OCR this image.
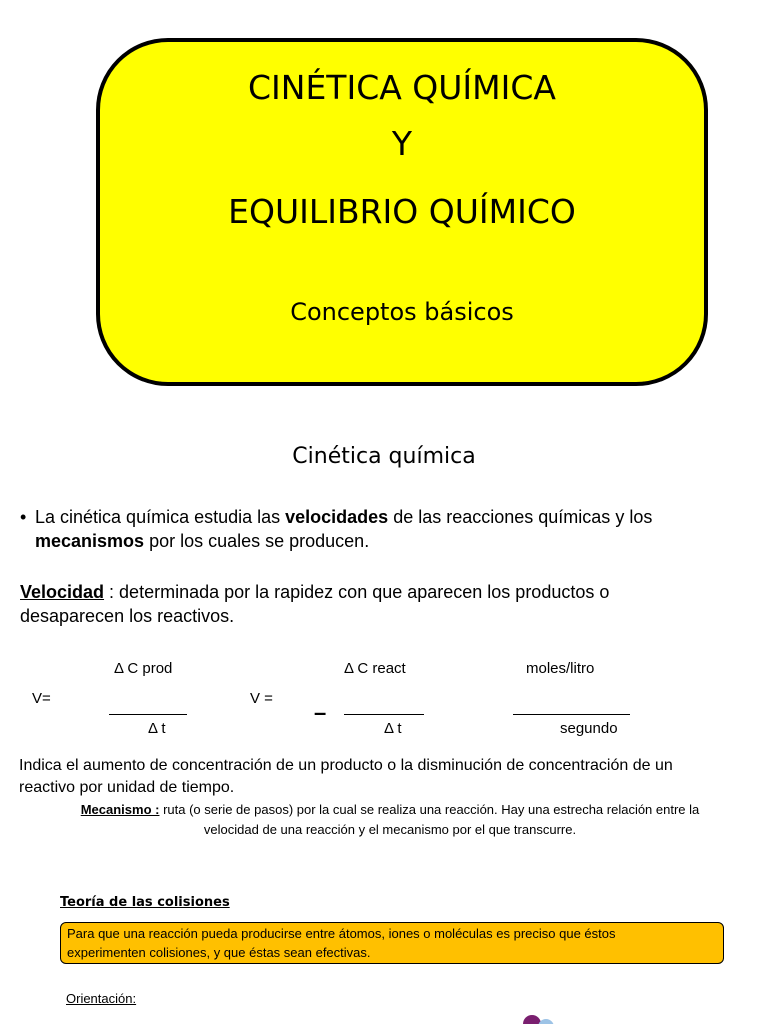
CINÉTICA QUÍMICA
Y
EQUILIBRIO QUÍMICO
Conceptos básicos
Cinética química
• La cinética química estudia las velocidades de las reacciones químicas y los
mecanismos por los cuales se producen.
Velocidad : determinada por la rapidez con que aparecen los productos o
desaparecen los reactivos.
V=
Δ C prod
Δ t
V =
–
Δ C react
Δ t
moles/litro
segundo
Indica el aumento de concentración de un producto o la disminución de concentración de un
reactivo por unidad de tiempo.
Mecanismo : ruta (o serie de pasos) por la cual se realiza una reacción. Hay una estrecha relación entre la
velocidad de una reacción y el mecanismo por el que transcurre.
Teoría de las colisiones
Para que una reacción pueda producirse entre átomos, iones o moléculas es preciso que éstos
experimenten colisiones, y que éstas sean efectivas.
Orientación:
